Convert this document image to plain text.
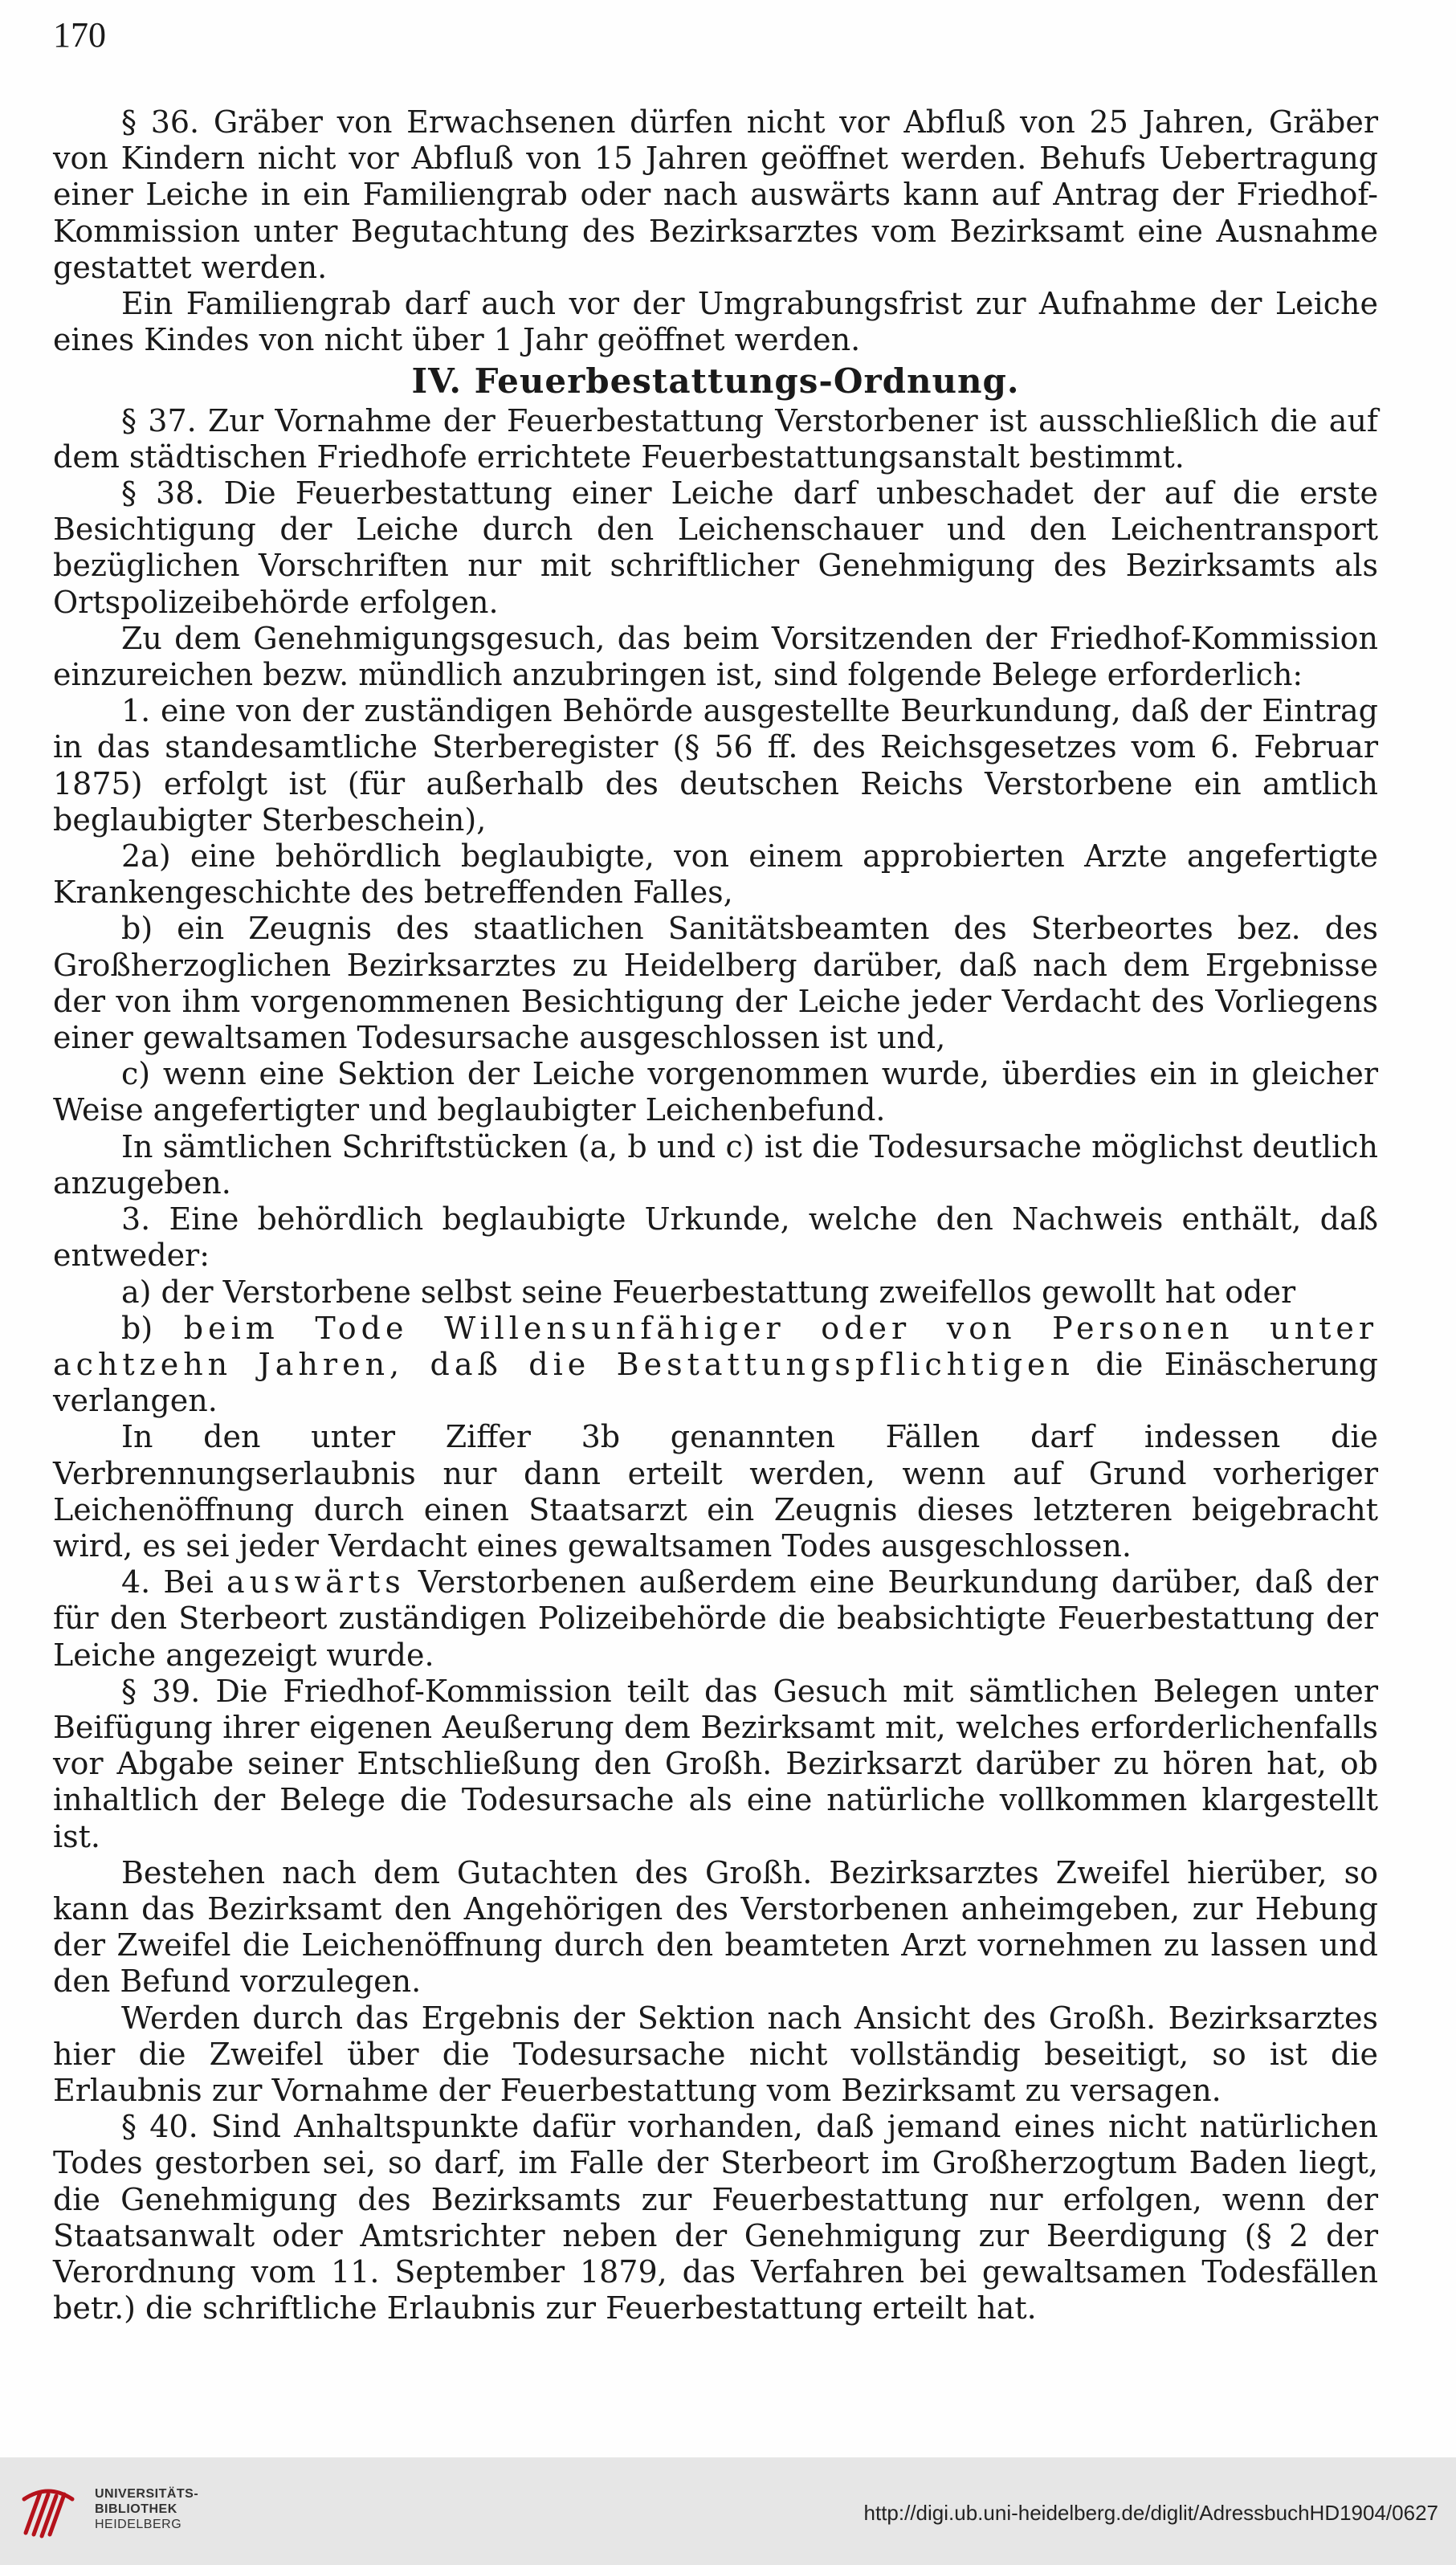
170

§ 36. Gräber von Erwachsenen dürfen nicht vor Abfluß von 25 Jahren, Gräber von Kindern nicht vor Abfluß von 15 Jahren geöffnet werden. Behufs Uebertragung einer Leiche in ein Familiengrab oder nach auswärts kann auf Antrag der Friedhof-Kommission unter Begutachtung des Bezirksarztes vom Bezirksamt eine Ausnahme gestattet werden.

Ein Familiengrab darf auch vor der Umgrabungsfrist zur Aufnahme der Leiche eines Kindes von nicht über 1 Jahr geöffnet werden.

IV. Feuerbestattungs-Ordnung.

§ 37. Zur Vornahme der Feuerbestattung Verstorbener ist ausschließlich die auf dem städtischen Friedhofe errichtete Feuerbestattungsanstalt bestimmt.

§ 38. Die Feuerbestattung einer Leiche darf unbeschadet der auf die erste Besichtigung der Leiche durch den Leichenschauer und den Leichentransport bezüglichen Vorschriften nur mit schriftlicher Genehmigung des Bezirksamts als Ortspolizeibehörde erfolgen.

Zu dem Genehmigungsgesuch, das beim Vorsitzenden der Friedhof-Kommission einzureichen bezw. mündlich anzubringen ist, sind folgende Belege erforderlich:

1. eine von der zuständigen Behörde ausgestellte Beurkundung, daß der Eintrag in das standesamtliche Sterberegister (§ 56 ff. des Reichsgesetzes vom 6. Februar 1875) erfolgt ist (für außerhalb des deutschen Reichs Verstorbene ein amtlich beglaubigter Sterbeschein),

2a) eine behördlich beglaubigte, von einem approbierten Arzte angefertigte Krankengeschichte des betreffenden Falles,

b) ein Zeugnis des staatlichen Sanitätsbeamten des Sterbeortes bez. des Großherzoglichen Bezirksarztes zu Heidelberg darüber, daß nach dem Ergebnisse der von ihm vorgenommenen Besichtigung der Leiche jeder Verdacht des Vorliegens einer gewaltsamen Todesursache ausgeschlossen ist und,

c) wenn eine Sektion der Leiche vorgenommen wurde, überdies ein in gleicher Weise angefertigter und beglaubigter Leichenbefund.

In sämtlichen Schriftstücken (a, b und c) ist die Todesursache möglichst deutlich anzugeben.

3. Eine behördlich beglaubigte Urkunde, welche den Nachweis enthält, daß entweder:

a) der Verstorbene selbst seine Feuerbestattung zweifellos gewollt hat oder

b) beim Tode Willensunfähiger oder von Personen unter achtzehn Jahren, daß die Bestattungspflichtigen die Einäscherung verlangen.

In den unter Ziffer 3b genannten Fällen darf indessen die Verbrennungserlaubnis nur dann erteilt werden, wenn auf Grund vorheriger Leichenöffnung durch einen Staatsarzt ein Zeugnis dieses letzteren beigebracht wird, es sei jeder Verdacht eines gewaltsamen Todes ausgeschlossen.

4. Bei auswärts Verstorbenen außerdem eine Beurkundung darüber, daß der für den Sterbeort zuständigen Polizeibehörde die beabsichtigte Feuerbestattung der Leiche angezeigt wurde.

§ 39. Die Friedhof-Kommission teilt das Gesuch mit sämtlichen Belegen unter Beifügung ihrer eigenen Aeußerung dem Bezirksamt mit, welches erforderlichenfalls vor Abgabe seiner Entschließung den Großh. Bezirksarzt darüber zu hören hat, ob inhaltlich der Belege die Todesursache als eine natürliche vollkommen klargestellt ist.

Bestehen nach dem Gutachten des Großh. Bezirksarztes Zweifel hierüber, so kann das Bezirksamt den Angehörigen des Verstorbenen anheimgeben, zur Hebung der Zweifel die Leichenöffnung durch den beamteten Arzt vornehmen zu lassen und den Befund vorzulegen.

Werden durch das Ergebnis der Sektion nach Ansicht des Großh. Bezirksarztes hier die Zweifel über die Todesursache nicht vollständig beseitigt, so ist die Erlaubnis zur Vornahme der Feuerbestattung vom Bezirksamt zu versagen.

§ 40. Sind Anhaltspunkte dafür vorhanden, daß jemand eines nicht natürlichen Todes gestorben sei, so darf, im Falle der Sterbeort im Großherzogtum Baden liegt, die Genehmigung des Bezirksamts zur Feuerbestattung nur erfolgen, wenn der Staatsanwalt oder Amtsrichter neben der Genehmigung zur Beerdigung (§ 2 der Verordnung vom 11. September 1879, das Verfahren bei gewaltsamen Todesfällen betr.) die schriftliche Erlaubnis zur Feuerbestattung erteilt hat.

UNIVERSITÄTS-
BIBLIOTHEK
HEIDELBERG	http://digi.ub.uni-heidelberg.de/diglit/AdressbuchHD1904/0627
